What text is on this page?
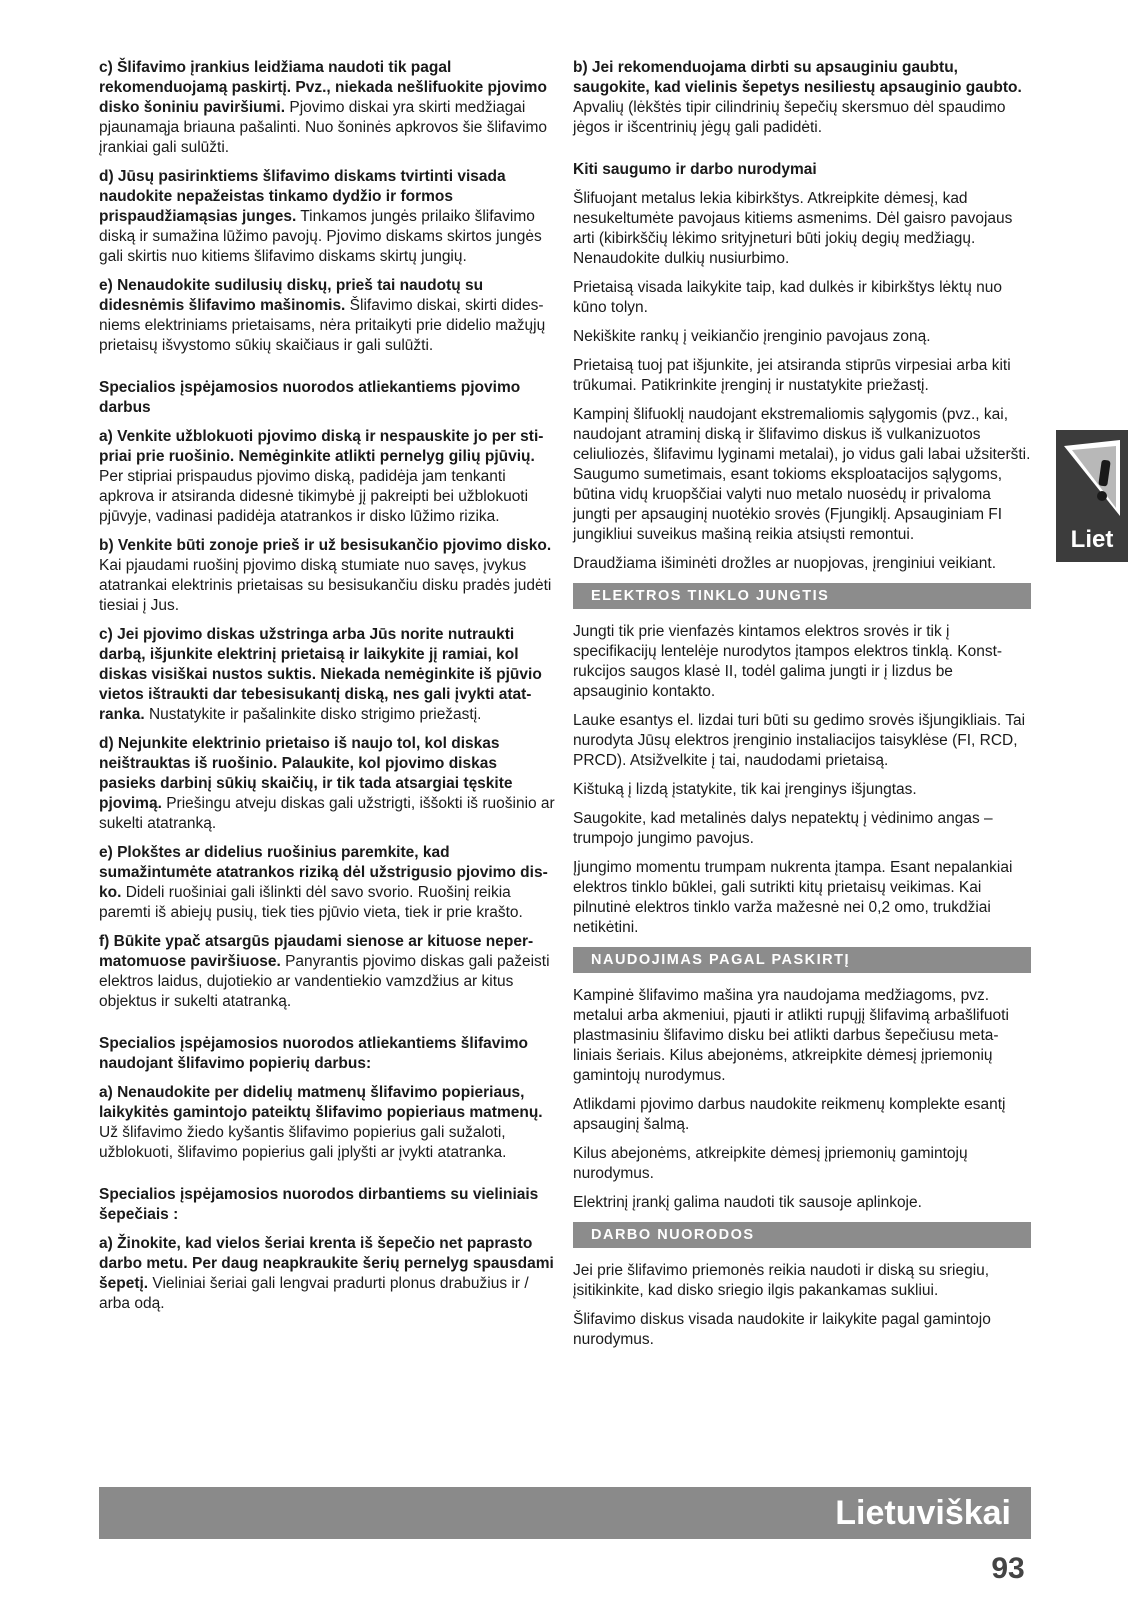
c) Šlifavimo įrankius leidžiama naudoti tik pagal rekomenduojamą paskirtį. Pvz., niekada nešlifuokite pjovimo disko šoniniu paviršiumi. Pjovimo diskai yra skirti medžiagai pjaunamąja briauna pašalinti. Nuo šoninės apkrovos šie šlifavimo įrankiai gali sulūžti.

d) Jūsų pasirinktiems šlifavimo diskams tvirtinti visada naudokite nepažeistas tinkamo dydžio ir formos prispaudžiamąsias junges. Tinkamos jungės prilaiko šlifavimo diską ir sumažina lūžimo pavojų. Pjovimo diskams skirtos jungės gali skirtis nuo kitiems šlifavimo diskams skirtų jungių.

e) Nenaudokite sudilusių diskų, prieš tai naudotų su didesnėmis šlifavimo mašinomis. Šlifavimo diskai, skirti didesniems elektriniams prietaisams, nėra pritaikyti prie didelio mažųjų prietaisų išvystomo sūkių skaičiaus ir gali sulūžti.

Specialios įspėjamosios nuorodos atliekantiems pjovimo darbus

a) Venkite užblokuoti pjovimo diską ir nespauskite jo per stipriai prie ruošinio. Nemėginkite atlikti pernelyg gilių pjūvių. Per stipriai prispaudus pjovimo diską, padidėja jam tenkanti apkrova ir atsiranda didesnė tikimybė jį pakreipti bei užblokuoti pjūvyje, vadinasi padidėja atatrankos ir disko lūžimo rizika.

b) Venkite būti zonoje prieš ir už besisukančio pjovimo disko. Kai pjaudami ruošinį pjovimo diską stumiate nuo savęs, įvykus atatrankai elektrinis prietaisas su besisukančiu disku pradės judėti tiesiai į Jus.

c) Jei pjovimo diskas užstringa arba Jūs norite nutraukti darbą, išjunkite elektrinį prietaisą ir laikykite jį ramiai, kol diskas visiškai nustos suktis. Niekada nemėginkite iš pjūvio vietos ištraukti dar tebesisukantį diską, nes gali įvykti atatranka. Nustatykite ir pašalinkite disko strigimo priežastį.

d) Nejunkite elektrinio prietaiso iš naujo tol, kol diskas neištrauktas iš ruošinio. Palaukite, kol pjovimo diskas pasieks darbinį sūkių skaičių, ir tik tada atsargiai tęskite pjovimą. Priešingu atveju diskas gali užstrigti, iššokti iš ruošinio ar sukelti atatranką.

e) Plokštes ar didelius ruošinius paremkite, kad sumažintumėte atatrankos riziką dėl užstrigusio pjovimo disko. Dideli ruošiniai gali išlinkti dėl savo svorio. Ruošinį reikia paremti iš abiejų pusių, tiek ties pjūvio vieta, tiek ir prie krašto.

f) Būkite ypač atsargūs pjaudami sienose ar kituose nepermatomuose paviršiuose. Panyrantis pjovimo diskas gali pažeisti elektros laidus, dujotiekio ar vandentiekio vamzdžius ar kitus objektus ir sukelti atatranką.

Specialios įspėjamosios nuorodos atliekantiems šlifavimo naudojant šlifavimo popierių darbus:

a) Nenaudokite per didelių matmenų šlifavimo popieriaus, laikykitės gamintojo pateiktų šlifavimo popieriaus matmenų. Už šlifavimo žiedo kyšantis šlifavimo popierius gali sužaloti, užblokuoti, šlifavimo popierius gali įplyšti ar įvykti atatranka.

Specialios įspėjamosios nuorodos dirbantiems su vieliniais šepečiais :

a) Žinokite, kad vielos šeriai krenta iš šepečio net paprasto darbo metu. Per daug neapkraukite šerių pernelyg spausdami šepetį. Vieliniai šeriai gali lengvai pradurti plonus drabužius ir / arba odą.

b) Jei rekomenduojama dirbti su apsauginiu gaubtu, saugokite, kad vielinis šepetys nesiliestų apsauginio gaubto. Apvalių (lėkštės tipir cilindrinių šepečių skersmuo dėl spaudimo jėgos ir išcentrinių jėgų gali padidėti.

Kiti saugumo ir darbo nurodymai

Šlifuojant metalus lekia kibirkštys. Atkreipkite dėmesį, kad nesukeltumėte pavojaus kitiems asmenims. Dėl gaisro pavojaus arti (kibirkščių lėkimo srityjneturi būti jokių degių medžiagų. Nenaudokite dulkių nusiurbimo.

Prietaisą visada laikykite taip, kad dulkės ir kibirkštys lėktų nuo kūno tolyn.

Nekiškite rankų į veikiančio įrenginio pavojaus zoną.

Prietaisą tuoj pat išjunkite, jei atsiranda stiprūs virpesiai arba kiti trūkumai. Patikrinkite įrenginį ir nustatykite priežastį.

Kampinį šlifuoklį naudojant ekstremaliomis sąlygomis (pvz., kai, naudojant atraminį diską ir šlifavimo diskus iš vulkanizuotos celiuliozės, šlifavimu lyginami metalai), jo vidus gali labai užsiteršti. Saugumo sumetimais, esant tokioms eksploatacijos sąlygoms, būtina vidų kruopščiai valyti nuo metalo nuosėdų ir privaloma jungti per apsauginį nuotėkio srovės (Fjungiklį. Apsauginiam FI jungikliui suveikus mašiną reikia atsiųsti remontui.

Draudžiama išiminėti drožles ar nuopjovas, įrenginiui veikiant.

ELEKTROS TINKLO JUNGTIS

Jungti tik prie vienfazės kintamos elektros srovės ir tik į specifikacijų lentelėje nurodytos įtampos elektros tinklą. Konstrukcijos saugos klasė II, todėl galima jungti ir į lizdus be apsauginio kontakto.

Lauke esantys el. lizdai turi būti su gedimo srovės išjungikliais. Tai nurodyta Jūsų elektros įrenginio instaliacijos taisyklėse (FI, RCD, PRCD). Atsižvelkite į tai, naudodami prietaisą.

Kištuką į lizdą įstatykite, tik kai įrenginys išjungtas.

Saugokite, kad metalinės dalys nepatektų į vėdinimo angas – trumpojo jungimo pavojus.

Įjungimo momentu trumpam nukrenta įtampa. Esant nepalankiai elektros tinklo būklei, gali sutrikti kitų prietaisų veikimas. Kai pilnutinė elektros tinklo varža mažesnė nei 0,2 omo, trukdžiai netikėtini.

NAUDOJIMAS PAGAL PASKIRTĮ

Kampinė šlifavimo mašina yra naudojama medžiagoms, pvz. metalui arba akmeniui, pjauti ir atlikti rupųjį šlifavimą arbašlifuoti plastmasiniu šlifavimo disku bei atlikti darbus šepečiusu metaliniais šeriais. Kilus abejonėms, atkreipkite dėmesį įpriemonių gamintojų nurodymus.

Atlikdami pjovimo darbus naudokite reikmenų komplekte esantį apsauginį šalmą.

Kilus abejonėms, atkreipkite dėmesį įpriemonių gamintojų nurodymus.

Elektrinį įrankį galima naudoti tik sausoje aplinkoje.

DARBO NUORODOS

Jei prie šlifavimo priemonės reikia naudoti ir diską su sriegiu, įsitikinkite, kad disko sriegio ilgis pakankamas sukliui.

Šlifavimo diskus visada naudokite ir laikykite pagal gamintojo nurodymus.

Liet
Lietuviškai
93
